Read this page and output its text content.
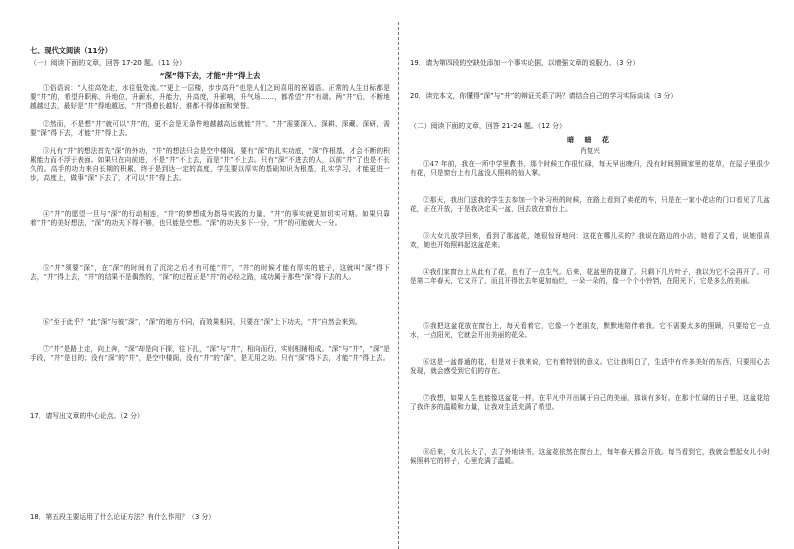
七、现代文阅读（11分）

（一）阅读下面的文章，回答 17-20 题。（11 分）

“深”得下去，才能“井”得上去

①俗语说：“人往高处走，水往低处流。”“更上一层楼，步步高升”也是人们之间喜用的祝福语。正常的人生目标都是要“井”的，希望升职称，升地位，升薪水，升能力，升高度，升影响，升气场……，都希望“井”有端。两“井”后，不断地越越过去，最好是“井”得地越远，“井”得愈长越好，谁都不得体面和荣誉。

②然而，不是想“井”就可以“井”的，更不会是无条件地越越高远就能“井”。“井”需要深入、深耕、深藏、深研，需要“深”得下去，才能“井”得上去。

③凡有“井”的想法首先“深”的外功，“井”的想法只会是空中楼阁，要有“深”的扎实功底，“深”作根基，才会不断的积累能力而不浮于表面。如果只在向前进，不是“井”不上去，而是“井”不上去。只有“深”不进去的人，以前“井”了也是不长久的。高手的功力来自长期的积累，终于是到达一定的高度，学生要以厚实的基础知识为根基，扎实学习，才能更进一步，高度上，做事“深”下去了，才可以“井”得上去。

④“井”的愿望一旦与“深”的行动相连，“井”的梦想成为指导实践的力量，“井”的事实就更加切实可期。如果只靠着“井”的美好想法，“深”的功夫下得不够，也只能是空想。“深”的功夫多下一分，“井”的可能就大一分。

⑤“井”须要“深”，在“深”的时间有了沉淀之后才有可能“井”，“井”的时候才能有厚实的底子，这就叫“深”得下去，“井”得上去，“井”的结果不是偶然的，“深”的过程正是“井”的必经之路，成功属于那些“深”得下去的人。

⑥“至于此乎？”此“深”与彼“深”，“深”的地方不同，而效果相同，只要在“深”上下功夫，“井”自然会来到。

⑦“井”是路上走，向上奔，“深”却是向下探，往下扎，“深”与“井”，相向而行，实则相辅相成。“深”与“井”，“深”是手段，“井”是目的；没有“深”的“井”，是空中楼阁，没有“井”的“深”，是无用之功。只有“深”得下去，才能“井”得上去。

17．请写出文章的中心论点。（2 分）

18．第五段主要运用了什么论证方法？有什么作用？（3 分）

19．请为第四段的空缺处添加一个事实论据，以增强文章的说服力。（3 分）

20．读完本文，你懂得“深”与“井”的辩证关系了吗？请结合自己的学习实际谈谈（3 分）

（二）阅读下面的文章，回答 21-24 题。（12 分）

暗 暗 花

肖复兴

①47 年前，我在一所中学里教书，那个时候工作很忙碌，每天早出晚归，没有时间照顾家里的花草，在屋子里很少有花，只是窗台上有几盆没人照料的仙人掌。

②那天，我出门送我的学生去参加一个补习班的时候，在路上看到了卖花的车，只是在一家小花店的门口看见了几盆花，正在开放，于是我决定买一盆，回去放在窗台上。

③大女儿放学回来，看到了那盆花，她很惊讶地问：这花在哪儿买的？我说在路边的小店，她看了又看，说她很喜欢，她也开始照料起这盆花来。

④我们家窗台上从此有了花，也有了一点生气。后来，花盆里的花谢了，只剩下几片叶子，我以为它不会再开了。可是第二年春天，它又开了，而且开得比去年更加灿烂，一朵一朵的，像一个个小铃铛，在阳光下，它是多么的美丽。

⑤我把这盆花放在窗台上，每天看着它，它像一个老朋友，默默地陪伴着我。它不需要太多的照顾，只要给它一点水，一点阳光，它就会开出美丽的花朵。

⑥这是一盆普通的花，但是对于我来说，它有着特别的意义。它让我明白了，生活中有许多美好的东西，只要用心去发现，就会感受到它们的存在。

⑦我想，如果人生也能像这盆花一样，在平凡中开出属于自己的美丽，那该有多好。在那个忙碌的日子里，这盆花给了我许多的温暖和力量，让我对生活充满了希望。

⑧后来，女儿长大了，去了外地读书，这盆花依然在窗台上，每年春天都会开放。每当看到它，我就会想起女儿小时候照料它的样子，心里充满了温暖。
